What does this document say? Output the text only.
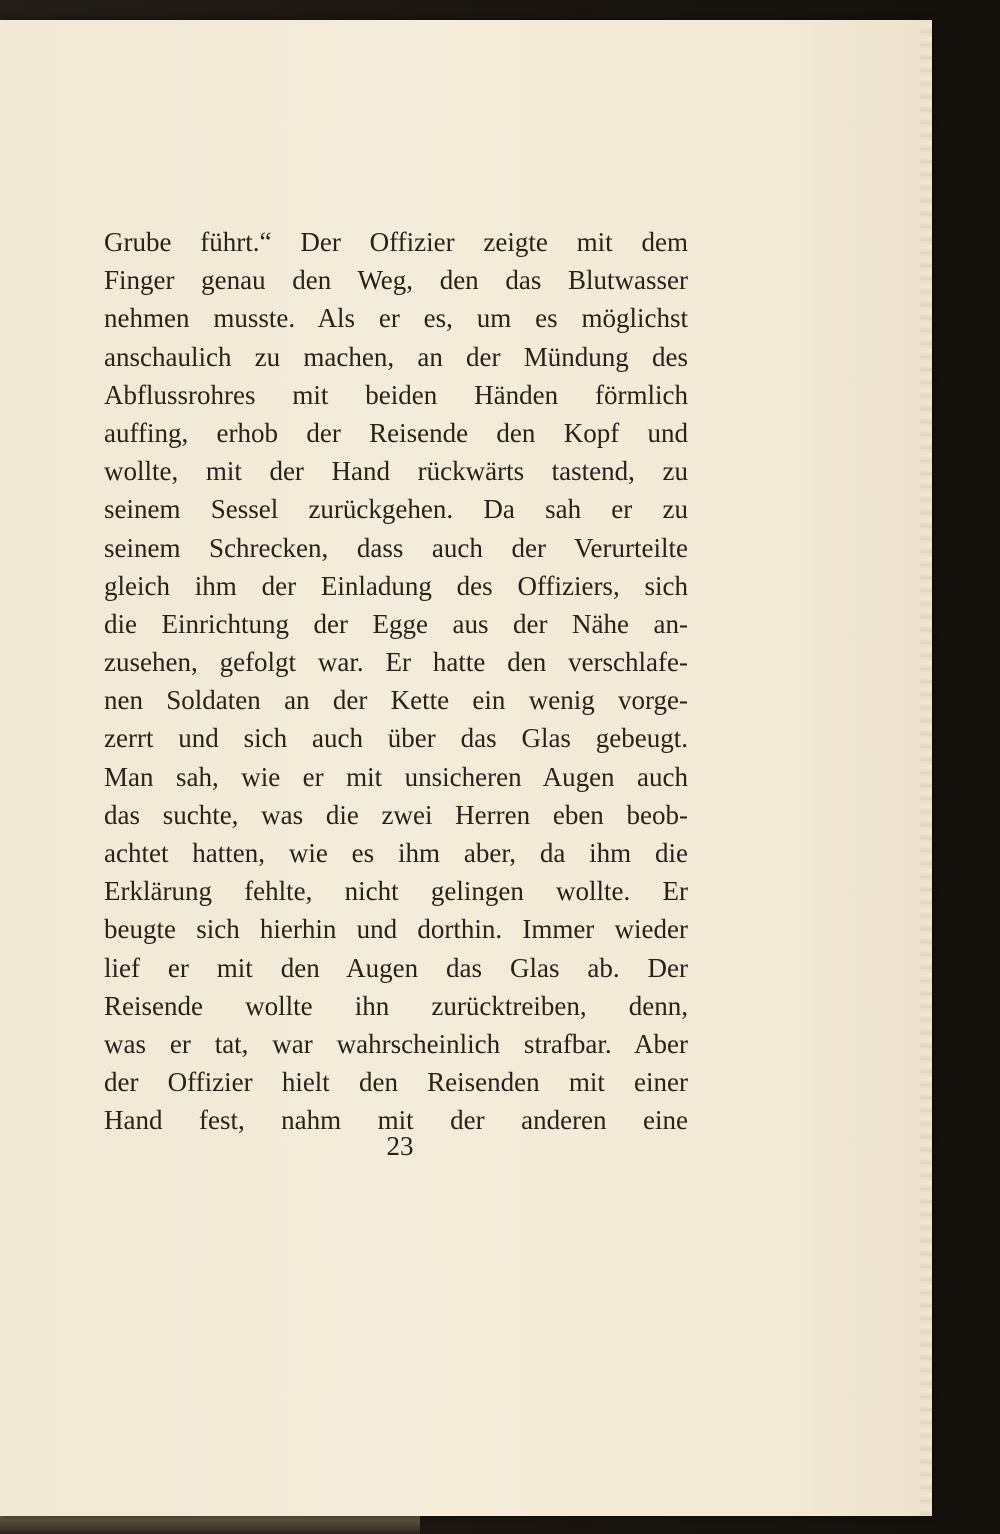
Grube führt.“ Der Offizier zeigte mit dem
Finger genau den Weg, den das Blutwasser
nehmen musste. Als er es, um es möglichst
anschaulich zu machen, an der Mündung des
Abflussrohres mit beiden Händen förmlich
auffing, erhob der Reisende den Kopf und
wollte, mit der Hand rückwärts tastend, zu
seinem Sessel zurückgehen. Da sah er zu
seinem Schrecken, dass auch der Verurteilte
gleich ihm der Einladung des Offiziers, sich
die Einrichtung der Egge aus der Nähe an-
zusehen, gefolgt war. Er hatte den verschlafe-
nen Soldaten an der Kette ein wenig vorge-
zerrt und sich auch über das Glas gebeugt.
Man sah, wie er mit unsicheren Augen auch
das suchte, was die zwei Herren eben beob-
achtet hatten, wie es ihm aber, da ihm die
Erklärung fehlte, nicht gelingen wollte. Er
beugte sich hierhin und dorthin. Immer wieder
lief er mit den Augen das Glas ab. Der
Reisende wollte ihn zurücktreiben, denn,
was er tat, war wahrscheinlich strafbar. Aber
der Offizier hielt den Reisenden mit einer
Hand fest, nahm mit der anderen eine
23
